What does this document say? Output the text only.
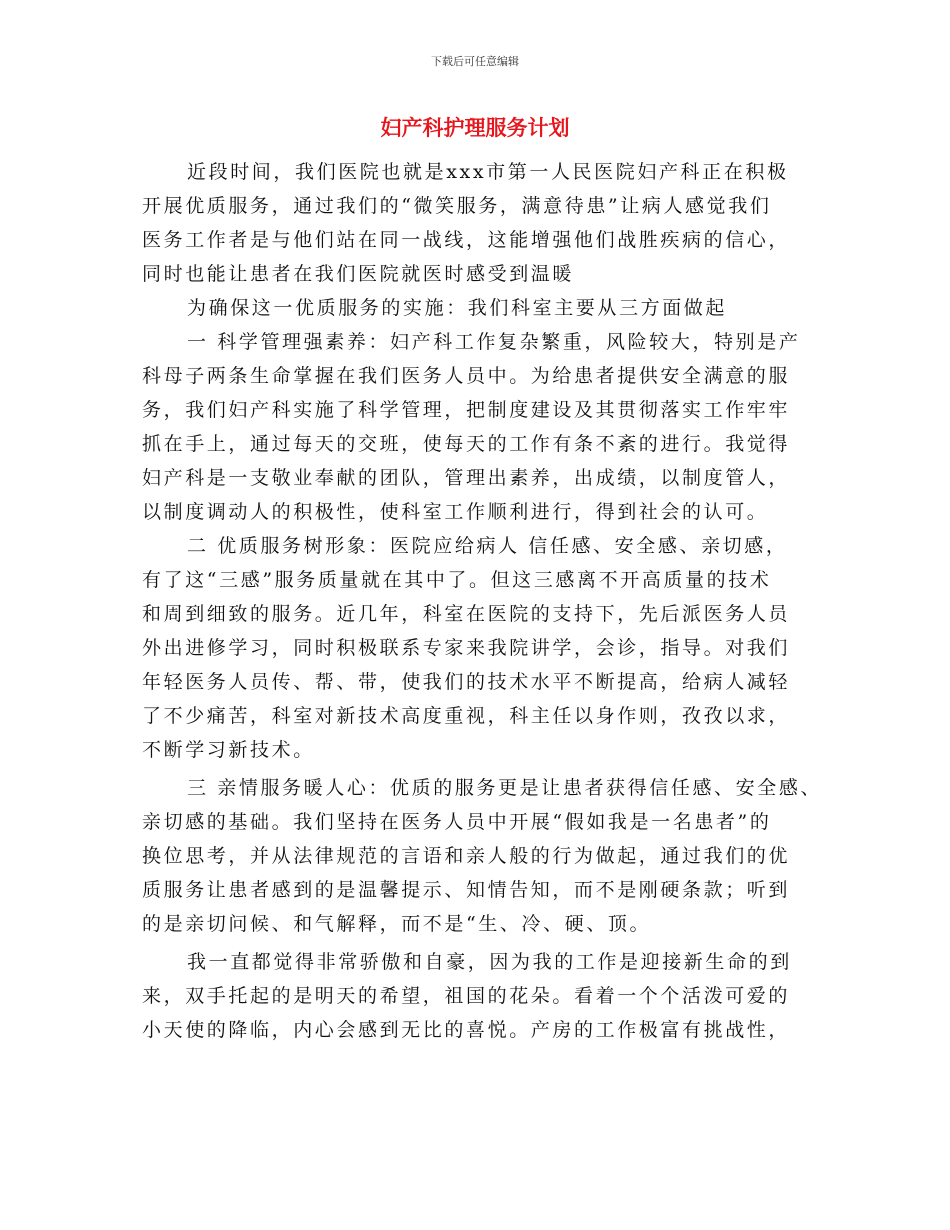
下载后可任意编辑
妇产科护理服务计划
近段时间，我们医院也就是xxx市第一人民医院妇产科正在积极
开展优质服务，通过我们的“微笑服务，满意待患”让病人感觉我们
医务工作者是与他们站在同一战线，这能增强他们战胜疾病的信心，
同时也能让患者在我们医院就医时感受到温暖
为确保这一优质服务的实施：我们科室主要从三方面做起
一 科学管理强素养：妇产科工作复杂繁重，风险较大，特别是产
科母子两条生命掌握在我们医务人员中。为给患者提供安全满意的服
务，我们妇产科实施了科学管理，把制度建设及其贯彻落实工作牢牢
抓在手上，通过每天的交班，使每天的工作有条不紊的进行。我觉得
妇产科是一支敬业奉献的团队，管理出素养，出成绩，以制度管人，
以制度调动人的积极性，使科室工作顺利进行，得到社会的认可。
二 优质服务树形象：医院应给病人 信任感、安全感、亲切感，
有了这“三感”服务质量就在其中了。但这三感离不开高质量的技术
和周到细致的服务。近几年，科室在医院的支持下，先后派医务人员
外出进修学习，同时积极联系专家来我院讲学，会诊，指导。对我们
年轻医务人员传、帮、带，使我们的技术水平不断提高，给病人减轻
了不少痛苦，科室对新技术高度重视，科主任以身作则，孜孜以求，
不断学习新技术。
三 亲情服务暖人心：优质的服务更是让患者获得信任感、安全感、
亲切感的基础。我们坚持在医务人员中开展“假如我是一名患者”的
换位思考，并从法律规范的言语和亲人般的行为做起，通过我们的优
质服务让患者感到的是温馨提示、知情告知，而不是刚硬条款；听到
的是亲切问候、和气解释，而不是“生、冷、硬、顶。
我一直都觉得非常骄傲和自豪，因为我的工作是迎接新生命的到
来，双手托起的是明天的希望，祖国的花朵。看着一个个活泼可爱的
小天使的降临，内心会感到无比的喜悦。产房的工作极富有挑战性，
